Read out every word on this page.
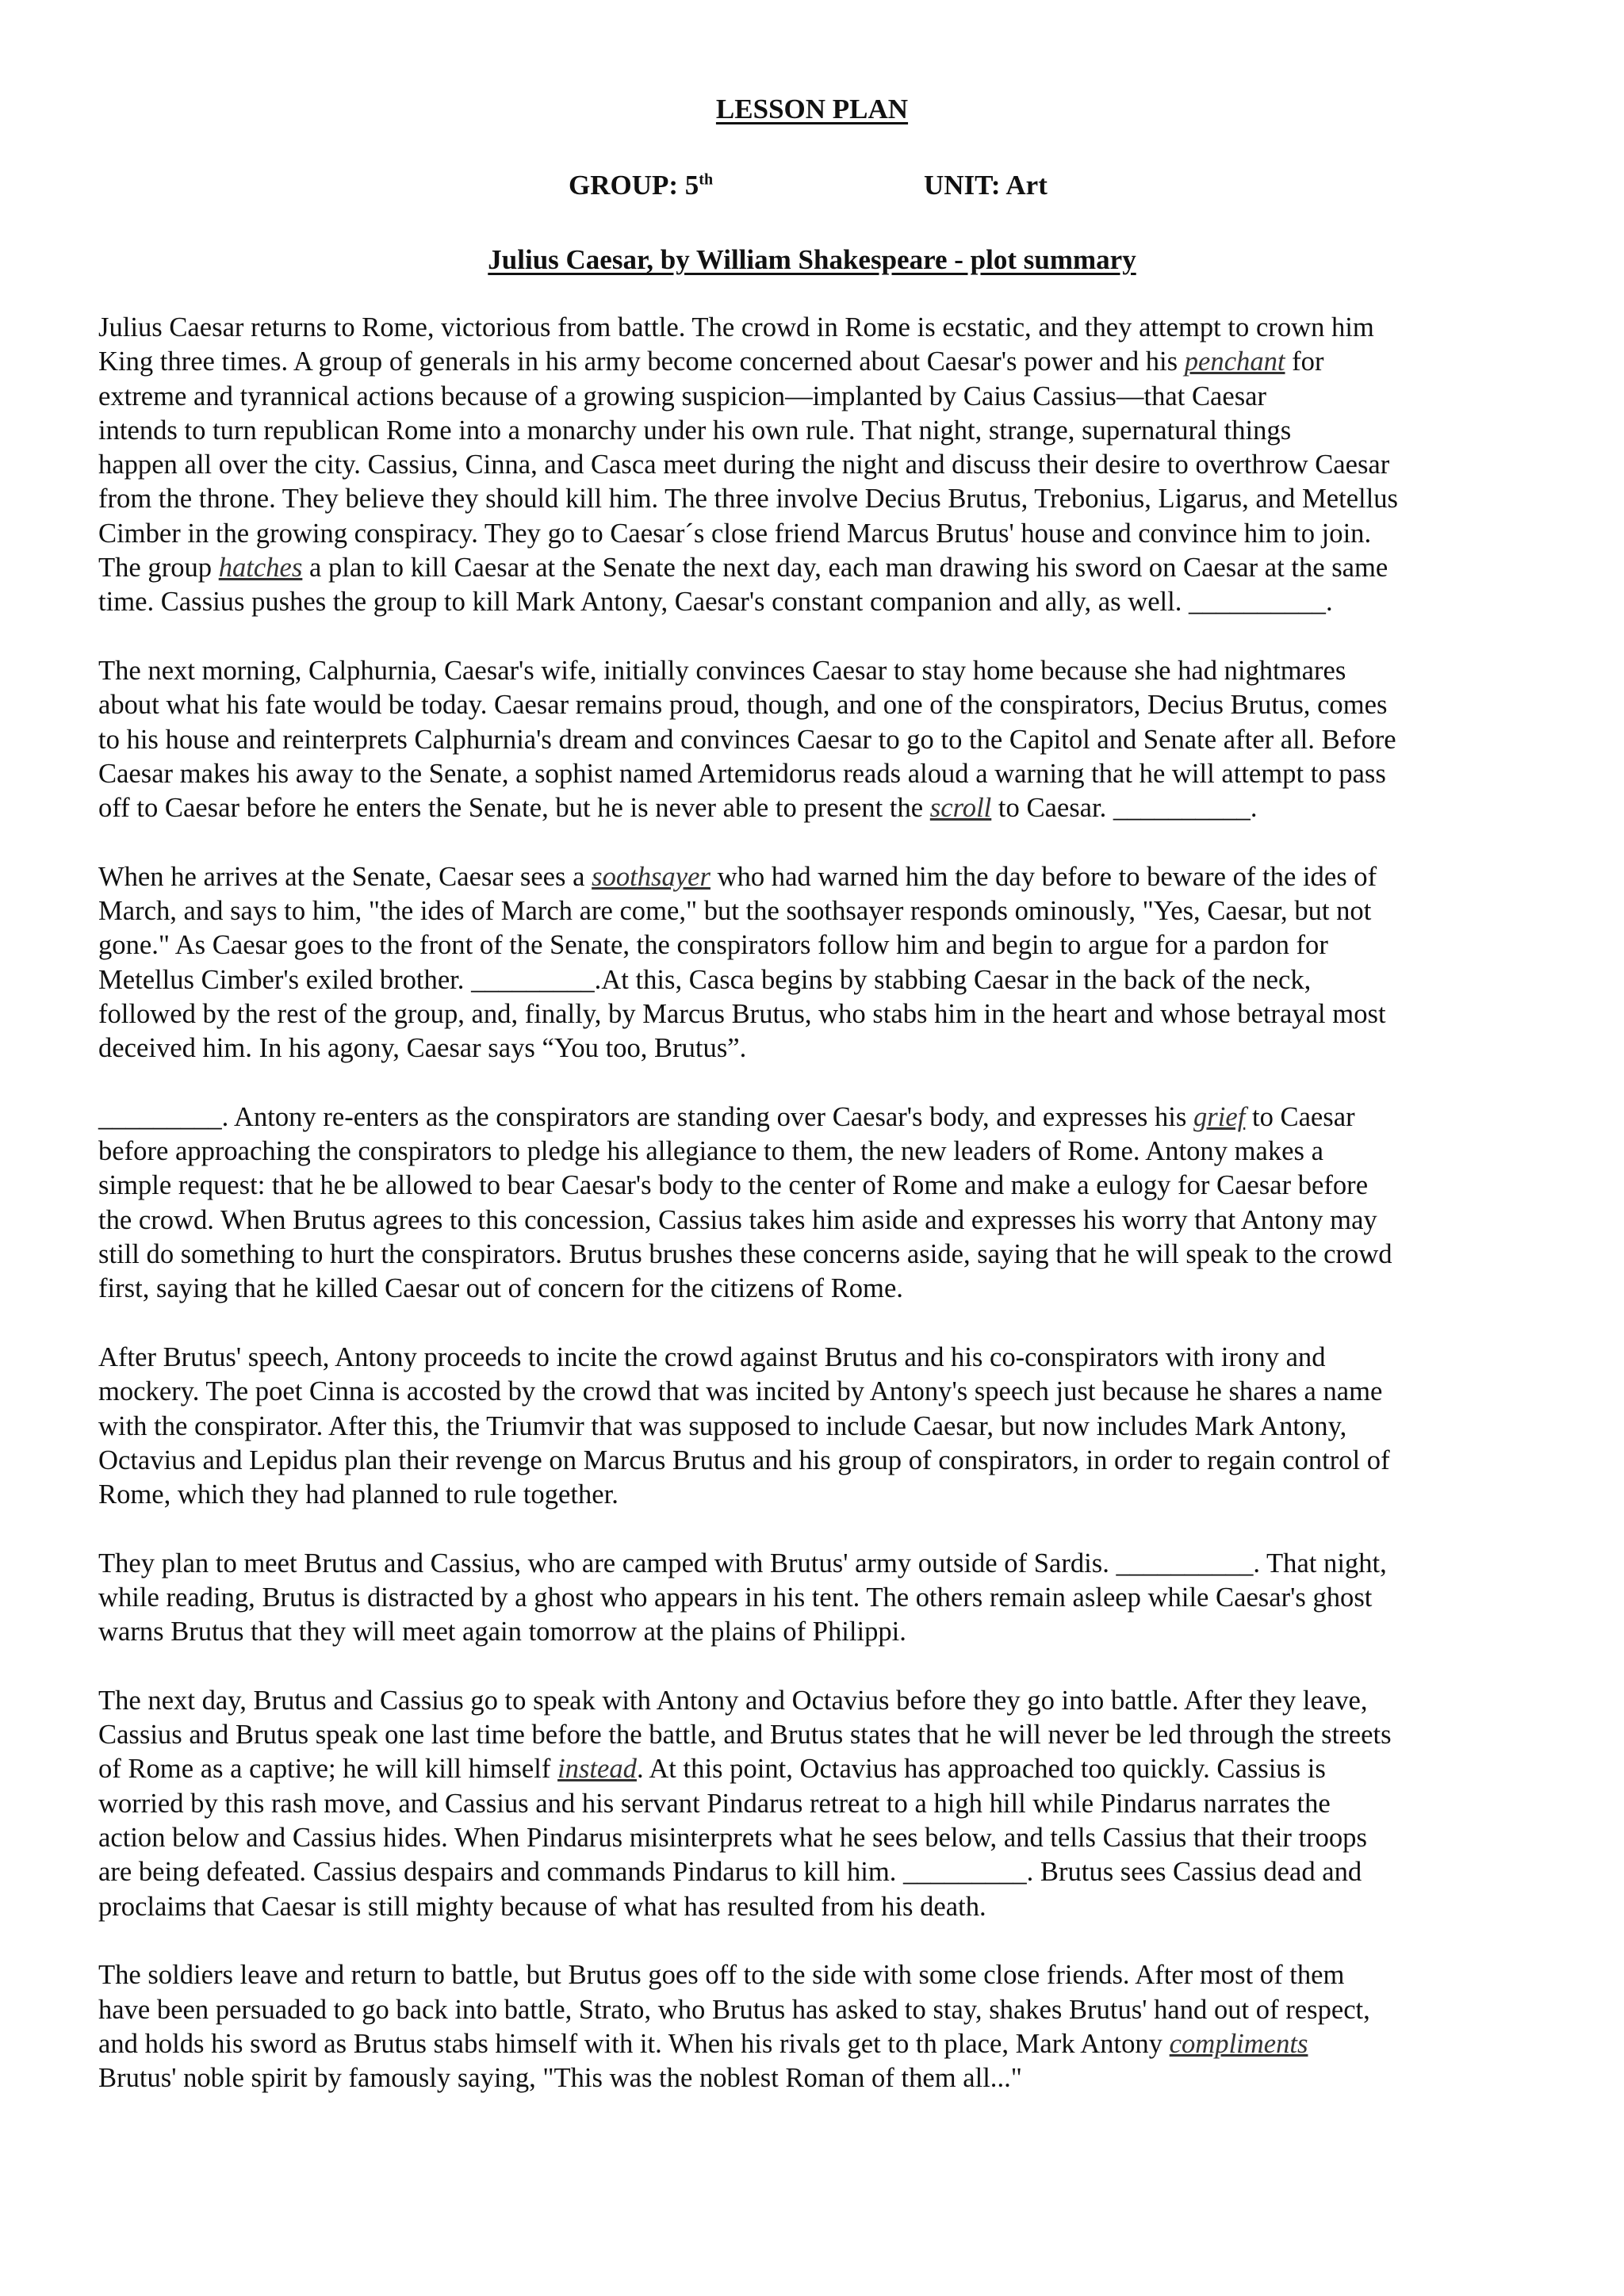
LESSON PLAN
GROUP: 5th	UNIT: Art
Julius Caesar, by William Shakespeare - plot summary
Julius Caesar returns to Rome, victorious from battle. The crowd in Rome is ecstatic, and they attempt to crown him
King three times. A group of generals in his army become concerned about Caesar's power and his penchant for
extreme and tyrannical actions because of a growing suspicion—implanted by Caius Cassius—that Caesar
intends to turn republican Rome into a monarchy under his own rule. That night, strange, supernatural things
happen all over the city. Cassius, Cinna, and Casca meet during the night and discuss their desire to overthrow Caesar
from the throne. They believe they should kill him. The three involve Decius Brutus, Trebonius, Ligarus, and Metellus
Cimber in the growing conspiracy. They go to Caesar´s close friend Marcus Brutus' house and convince him to join.
The group hatches a plan to kill Caesar at the Senate the next day, each man drawing his sword on Caesar at the same
time. Cassius pushes the group to kill Mark Antony, Caesar's constant companion and ally, as well. __________.
The next morning, Calphurnia, Caesar's wife, initially convinces Caesar to stay home because she had nightmares
about what his fate would be today. Caesar remains proud, though, and one of the conspirators, Decius Brutus, comes
to his house and reinterprets Calphurnia's dream and convinces Caesar to go to the Capitol and Senate after all. Before
Caesar makes his away to the Senate, a sophist named Artemidorus reads aloud a warning that he will attempt to pass
off to Caesar before he enters the Senate, but he is never able to present the scroll to Caesar. __________.
When he arrives at the Senate, Caesar sees a soothsayer who had warned him the day before to beware of the ides of
March, and says to him, "the ides of March are come," but the soothsayer responds ominously, "Yes, Caesar, but not
gone." As Caesar goes to the front of the Senate, the conspirators follow him and begin to argue for a pardon for
Metellus Cimber's exiled brother. _________.At this, Casca begins by stabbing Caesar in the back of the neck,
followed by the rest of the group, and, finally, by Marcus Brutus, who stabs him in the heart and whose betrayal most
deceived him. In his agony, Caesar says “You too, Brutus”.
_________. Antony re-enters as the conspirators are standing over Caesar's body, and expresses his grief to Caesar
before approaching the conspirators to pledge his allegiance to them, the new leaders of Rome. Antony makes a
simple request: that he be allowed to bear Caesar's body to the center of Rome and make a eulogy for Caesar before
the crowd. When Brutus agrees to this concession, Cassius takes him aside and expresses his worry that Antony may
still do something to hurt the conspirators. Brutus brushes these concerns aside, saying that he will speak to the crowd
first, saying that he killed Caesar out of concern for the citizens of Rome.
After Brutus' speech, Antony proceeds to incite the crowd against Brutus and his co-conspirators with irony and
mockery. The poet Cinna is accosted by the crowd that was incited by Antony's speech just because he shares a name
with the conspirator. After this, the Triumvir that was supposed to include Caesar, but now includes Mark Antony,
Octavius and Lepidus plan their revenge on Marcus Brutus and his group of conspirators, in order to regain control of
Rome, which they had planned to rule together.
They plan to meet Brutus and Cassius, who are camped with Brutus' army outside of Sardis. __________. That night,
while reading, Brutus is distracted by a ghost who appears in his tent. The others remain asleep while Caesar's ghost
warns Brutus that they will meet again tomorrow at the plains of Philippi.
The next day, Brutus and Cassius go to speak with Antony and Octavius before they go into battle. After they leave,
Cassius and Brutus speak one last time before the battle, and Brutus states that he will never be led through the streets
of Rome as a captive; he will kill himself instead. At this point, Octavius has approached too quickly. Cassius is
worried by this rash move, and Cassius and his servant Pindarus retreat to a high hill while Pindarus narrates the
action below and Cassius hides. When Pindarus misinterprets what he sees below, and tells Cassius that their troops
are being defeated. Cassius despairs and commands Pindarus to kill him. _________. Brutus sees Cassius dead and
proclaims that Caesar is still mighty because of what has resulted from his death.
The soldiers leave and return to battle, but Brutus goes off to the side with some close friends. After most of them
have been persuaded to go back into battle, Strato, who Brutus has asked to stay, shakes Brutus' hand out of respect,
and holds his sword as Brutus stabs himself with it. When his rivals get to th place, Mark Antony compliments
Brutus' noble spirit by famously saying, "This was the noblest Roman of them all..."
